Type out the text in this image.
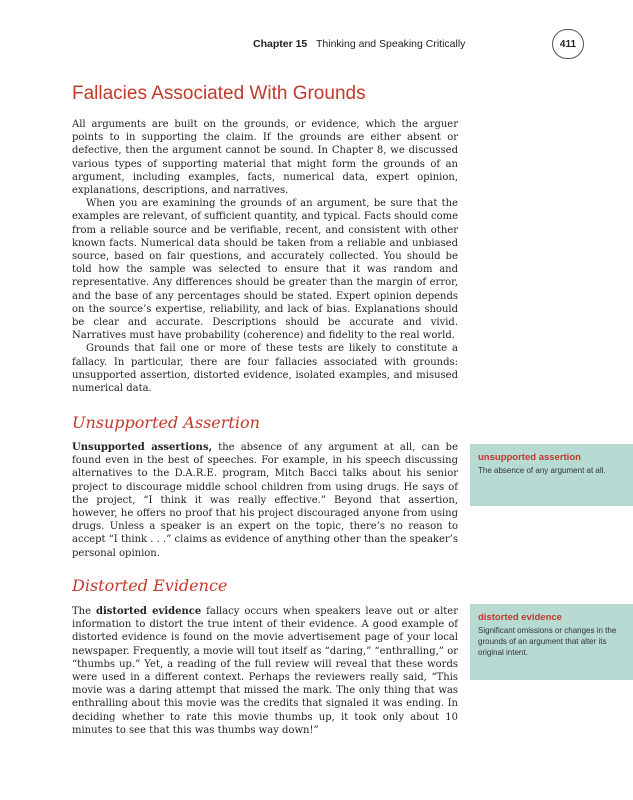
Chapter 15 Thinking and Speaking Critically	411
Fallacies Associated With Grounds

All arguments are built on the grounds, or evidence, which the arguer points to in supporting the claim. If the grounds are either absent or defective, then the argument cannot be sound. In Chapter 8, we discussed various types of supporting material that might form the grounds of an argument, including examples, facts, numerical data, expert opinion, explanations, descriptions, and narratives.

When you are examining the grounds of an argument, be sure that the examples are relevant, of sufficient quantity, and typical. Facts should come from a reliable source and be verifiable, recent, and consistent with other known facts. Numerical data should be taken from a reliable and unbiased source, based on fair questions, and accurately collected. You should be told how the sample was selected to ensure that it was random and representative. Any differences should be greater than the margin of error, and the base of any percentages should be stated. Expert opinion depends on the source’s expertise, reliability, and lack of bias. Explanations should be clear and accurate. Descriptions should be accurate and vivid. Narratives must have probability (coherence) and fidelity to the real world.

Grounds that fail one or more of these tests are likely to constitute a fallacy. In particular, there are four fallacies associated with grounds: unsupported assertion, distorted evidence, isolated examples, and misused numerical data.

Unsupported Assertion

Unsupported assertions, the absence of any argument at all, can be found even in the best of speeches. For example, in his speech discussing alternatives to the D.A.R.E. program, Mitch Bacci talks about his senior project to discourage middle school children from using drugs. He says of the project, “I think it was really effective.” Beyond that assertion, however, he offers no proof that his project discouraged anyone from using drugs. Unless a speaker is an expert on the topic, there’s no reason to accept “I think . . .” claims as evidence of anything other than the speaker’s personal opinion.

Distorted Evidence

The distorted evidence fallacy occurs when speakers leave out or alter information to distort the true intent of their evidence. A good example of distorted evidence is found on the movie advertisement page of your local newspaper. Frequently, a movie will tout itself as “daring,” “enthralling,” or “thumbs up.” Yet, a reading of the full review will reveal that these words were used in a different context. Perhaps the reviewers really said, “This movie was a daring attempt that missed the mark. The only thing that was enthralling about this movie was the credits that signaled it was ending. In deciding whether to rate this movie thumbs up, it took only about 10 minutes to see that this was thumbs way down!”

unsupported assertion
The absence of any argument at all.
distorted evidence
Significant omissions or changes in the grounds of an argument that alter its original intent.
